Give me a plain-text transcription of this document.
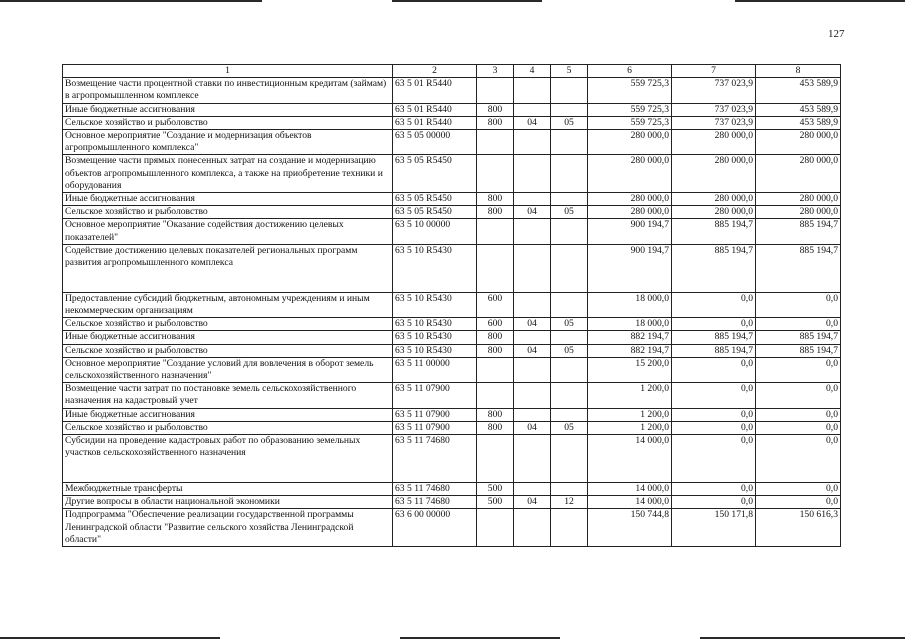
127
1	2	3	4	5	6	7	8
Возмещение части процентной ставки по инвестиционным кредитам (займам) в агропромышленном комплексе	63 5 01 R5440				559 725,3	737 023,9	453 589,9
Иные бюджетные ассигнования	63 5 01 R5440	800			559 725,3	737 023,9	453 589,9
Сельское хозяйство и рыболовство	63 5 01 R5440	800	04	05	559 725,3	737 023,9	453 589,9
Основное мероприятие "Создание и модернизация объектов агропромышленного комплекса"	63 5 05 00000				280 000,0	280 000,0	280 000,0
Возмещение части прямых понесенных затрат на создание и модернизацию объектов агропромышленного комплекса, а также на приобретение техники и оборудования	63 5 05 R5450				280 000,0	280 000,0	280 000,0
Иные бюджетные ассигнования	63 5 05 R5450	800			280 000,0	280 000,0	280 000,0
Сельское хозяйство и рыболовство	63 5 05 R5450	800	04	05	280 000,0	280 000,0	280 000,0
Основное мероприятие "Оказание содействия достижению целевых показателей"	63 5 10 00000				900 194,7	885 194,7	885 194,7
Содействие достижению целевых показателей региональных программ развития агропромышленного комплекса	63 5 10 R5430				900 194,7	885 194,7	885 194,7
Предоставление субсидий бюджетным, автономным учреждениям и иным некоммерческим организациям	63 5 10 R5430	600			18 000,0	0,0	0,0
Сельское хозяйство и рыболовство	63 5 10 R5430	600	04	05	18 000,0	0,0	0,0
Иные бюджетные ассигнования	63 5 10 R5430	800			882 194,7	885 194,7	885 194,7
Сельское хозяйство и рыболовство	63 5 10 R5430	800	04	05	882 194,7	885 194,7	885 194,7
Основное мероприятие "Создание условий для вовлечения в оборот земель сельскохозяйственного назначения"	63 5 11 00000				15 200,0	0,0	0,0
Возмещение части затрат по постановке земель сельскохозяйственного назначения на кадастровый учет	63 5 11 07900				1 200,0	0,0	0,0
Иные бюджетные ассигнования	63 5 11 07900	800			1 200,0	0,0	0,0
Сельское хозяйство и рыболовство	63 5 11 07900	800	04	05	1 200,0	0,0	0,0
Субсидии на проведение кадастровых работ по образованию земельных участков сельскохозяйственного назначения	63 5 11 74680				14 000,0	0,0	0,0
Межбюджетные трансферты	63 5 11 74680	500			14 000,0	0,0	0,0
Другие вопросы в области национальной экономики	63 5 11 74680	500	04	12	14 000,0	0,0	0,0
Подпрограмма "Обеспечение реализации государственной программы Ленинградской области "Развитие сельского хозяйства Ленинградской области"	63 6 00 00000				150 744,8	150 171,8	150 616,3
